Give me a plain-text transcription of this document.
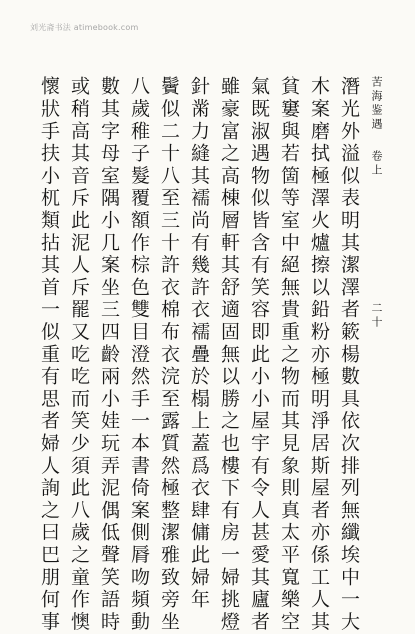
刘光斋书法 atimebook.com
苦海鉴遇
卷上
二十
潛光外溢似表明其潔澤者簌楊數具依次排列無纖埃中一大
木案磨拭極澤火爐擦以鉛粉亦極明淨居斯屋者亦係工人其
貧窶與若箇等室中絕無貴重之物而其見象則真太平寬樂空
氣既淑遇物似皆含有笑容即此小小屋宇有令人甚愛其廬者
雖豪富之高棟層軒其舒適固無以勝之也樓下有房一婦挑燈
針黹力縫其襦尚有幾許衣襦疊於榻上蓋爲衣肆傭此婦年
鬢似二十八至三十許衣棉布衣浣至露質然極整潔雅致旁坐
八歲稚子髮覆額作棕色雙目澄然手一本書倚案側脣吻頻動
數其字母室隅小几案坐三四齡兩小娃玩弄泥偶低聲笑語時
或稍高其音斥此泥人斥罷又吃吃而笑少須此八歲之童作懊
懷狀手扶小杌類拈其首一似重有思者婦人詢之曰巴朋何事
